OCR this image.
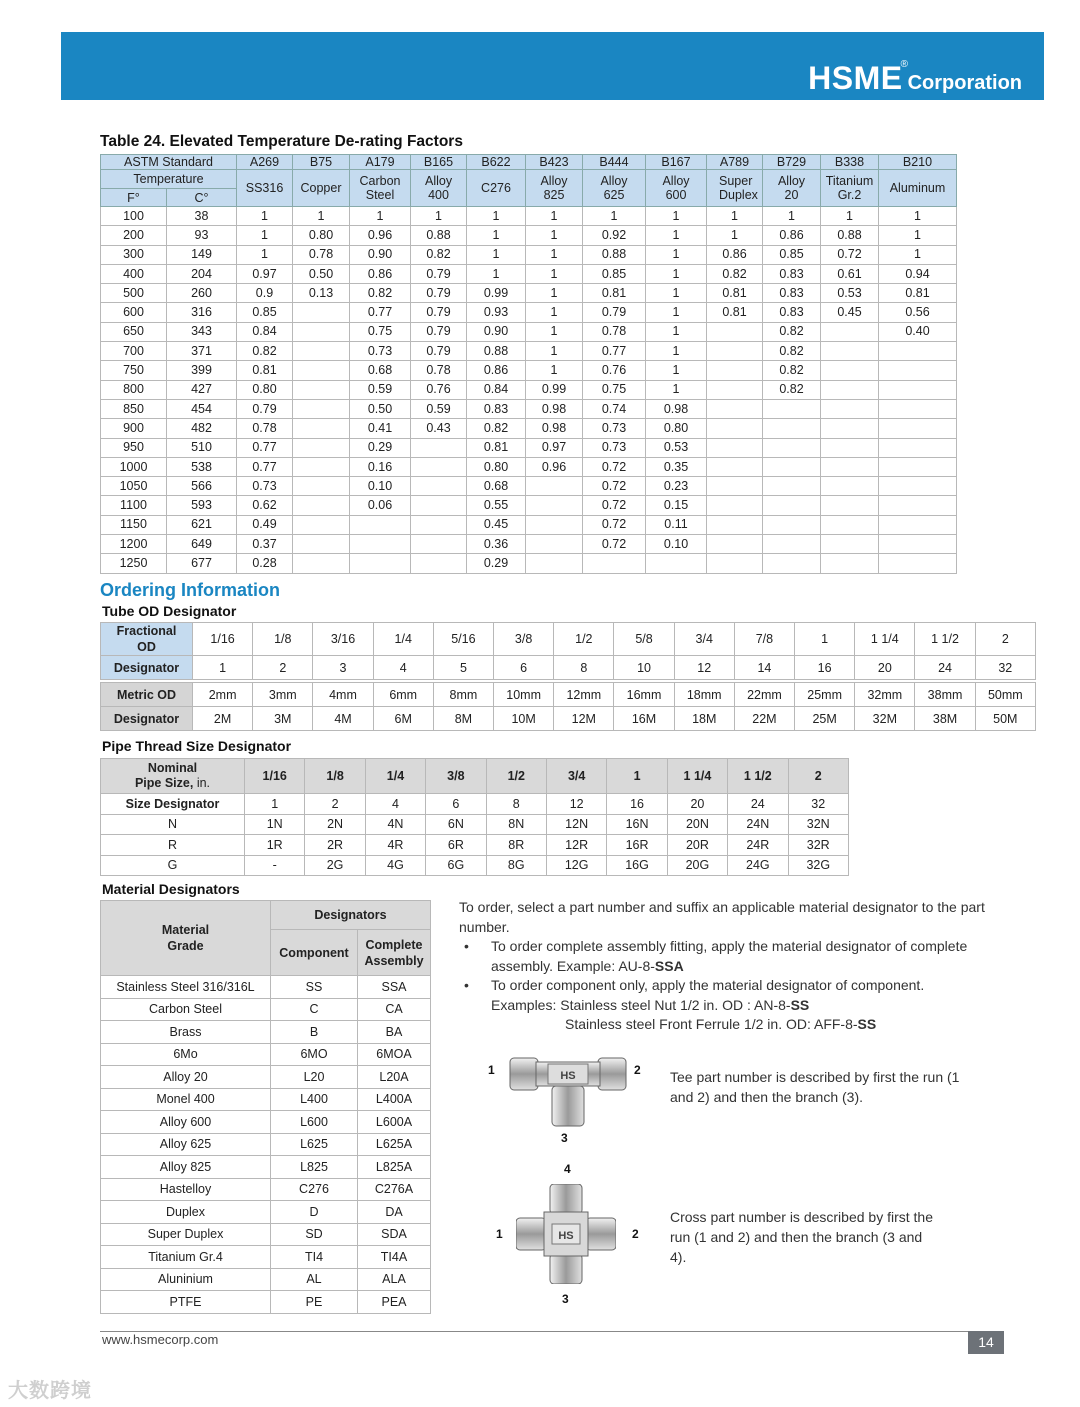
HSME® Corporation
Table 24. Elevated Temperature De-rating Factors
ASTM Standard		A269	B75	A179	B165	B622	B423	B444	B167	A789	B729	B338	B210
Temperature		SS316	Copper	Carbon Steel	Alloy 400	C276	Alloy 825	Alloy 625	Alloy 600	Super Duplex	Alloy 20	Titanium Gr.2	Aluminum
F°	C°												
100	38	1	1	1	1	1	1	1	1	1	1	1	1
200	93	1	0.80	0.96	0.88	1	1	0.92	1	1	0.86	0.88	1
300	149	1	0.78	0.90	0.82	1	1	0.88	1	0.86	0.85	0.72	1
400	204	0.97	0.50	0.86	0.79	1	1	0.85	1	0.82	0.83	0.61	0.94
500	260	0.9	0.13	0.82	0.79	0.99	1	0.81	1	0.81	0.83	0.53	0.81
600	316	0.85		0.77	0.79	0.93	1	0.79	1	0.81	0.83	0.45	0.56
650	343	0.84		0.75	0.79	0.90	1	0.78	1		0.82		0.40
700	371	0.82		0.73	0.79	0.88	1	0.77	1		0.82		
750	399	0.81		0.68	0.78	0.86	1	0.76	1		0.82		
800	427	0.80		0.59	0.76	0.84	0.99	0.75	1		0.82		
850	454	0.79		0.50	0.59	0.83	0.98	0.74	0.98				
900	482	0.78		0.41	0.43	0.82	0.98	0.73	0.80				
950	510	0.77		0.29		0.81	0.97	0.73	0.53				
1000	538	0.77		0.16		0.80	0.96	0.72	0.35				
1050	566	0.73		0.10		0.68		0.72	0.23				
1100	593	0.62		0.06		0.55		0.72	0.15				
1150	621	0.49				0.45		0.72	0.11				
1200	649	0.37				0.36		0.72	0.10				
1250	677	0.28				0.29							
Ordering Information
Tube OD Designator
Fractional OD	1/16	1/8	3/16	1/4	5/16	3/8	1/2	5/8	3/4	7/8	1	1 1/4	1 1/2	2
Designator	1	2	3	4	5	6	8	10	12	14	16	20	24	32
Metric OD	2mm	3mm	4mm	6mm	8mm	10mm	12mm	16mm	18mm	22mm	25mm	32mm	38mm	50mm
Designator	2M	3M	4M	6M	8M	10M	12M	16M	18M	22M	25M	32M	38M	50M
Pipe Thread Size Designator
Nominal
Pipe Size, in.	1/16	1/8	1/4	3/8	1/2	3/4	1	1 1/4	1 1/2	2
Size Designator	1	2	4	6	8	12	16	20	24	32
N	1N	2N	4N	6N	8N	12N	16N	20N	24N	32N
R	1R	2R	4R	6R	8R	12R	16R	20R	24R	32R
G	-	2G	4G	6G	8G	12G	16G	20G	24G	32G
Material Designators
Material Grade	Designators	
	Component	Complete Assembly
Stainless Steel 316/316L	SS	SSA
Carbon Steel	C	CA
Brass	B	BA
6Mo	6MO	6MOA
Alloy 20	L20	L20A
Monel 400	L400	L400A
Alloy 600	L600	L600A
Alloy 625	L625	L625A
Alloy 825	L825	L825A
Hastelloy	C276	C276A
Duplex	D	DA
Super Duplex	SD	SDA
Titanium Gr.4	TI4	TI4A
Aluninium	AL	ALA
PTFE	PE	PEA
To order, select a part number and suffix an applicable material designator to the part number.
• To order complete assembly fitting, apply the material designator of complete assembly. Example: AU-8-SSA
• To order component only, apply the material designator of component.
Examples: Stainless steel Nut 1/2 in. OD : AN-8-SS
Stainless steel Front Ferrule 1/2 in. OD: AFF-8-SS
HS
1	2
3
Tee part number is described by first the run (1 and 2) and then the branch (3).
HS
4
1	2
3
Cross part number is described by first the run (1 and 2) and then the branch (3 and 4).
www.hsmecorp.com	14
大数跨境
